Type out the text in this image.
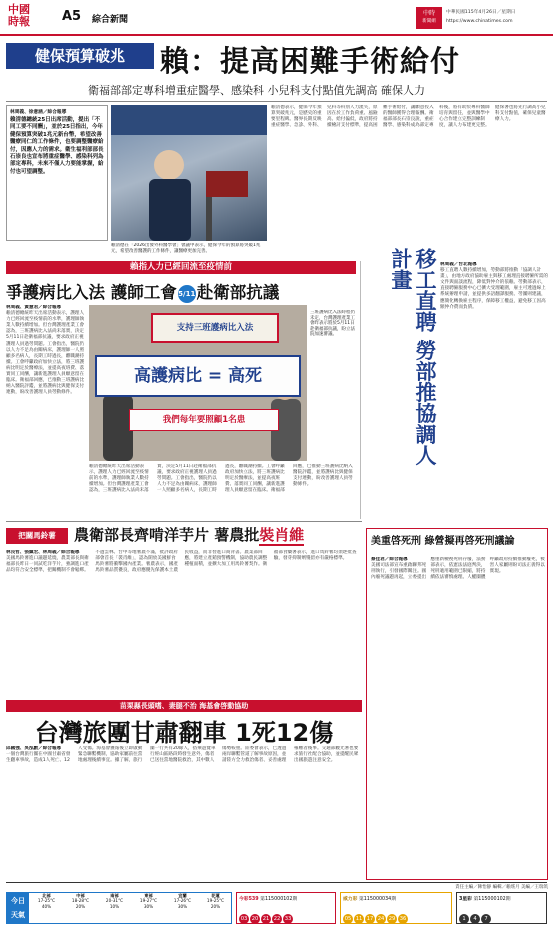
中國
時報	A5 綜合新聞
中時
新聞網
中華民國115年4月26日／星期日
https://www.chinatimes.com
健保預算破兆	賴：提高困難手術給付
衛福部部定專科增重症醫學、感染科 小兒科支付點值先調高 確保人力
林周義、徐意涵／綜合報導
賴清德總統25日出席活動，提出「不同工要不同酬」，並於25日指出，今年健保預算突破1兆元新台幣，希望改善醫療同仁的工作條件，也要調整醫療給付，因應人力的需求。衛生福利部部長石崇良也宣布將重症醫學、感染科列為部定專科，未來不僅人力要能掌握，給付也可望調整。
賴清德在「2026出發外科醫學會」會議中表示，健保今年的預算將突破1兆元，希望改善醫護的工作條件，讓醫療更加完善。
賴清德表示，健保今年預算突破兆元，是歷史的重要里程碑。醫界長期反映重症醫學、急診、外科、兒科等科別人力流失，原因在於工作負荷重、風險高、給付偏低，政府將持續檢討支付標準，提高困難手術給付，讓願意投入的醫師獲得合理報酬。衛福部部長石崇良說，重症醫學、感染科成為部定專科後，將有助於專科醫師培育與留任，並與醫學中心合作建立完整訓練制度，讓人力布建更完整。健保署也將先行調高小兒科支付點值，確保兒童醫療人力。
賴指人力已經回流至疫情前
爭護病比入法 護師工會5/11赴衛部抗議
林周義、黃慧君／綜合報導
賴清德總統昨天出席活動表示，護理人力已經回流至疫情前的水準，護理師執業人數持續增加。但台灣護理產業工會認為，三班護病比入法尚未落實，決定5月11日赴衛福部抗議，要求政府正視護理人員過勞問題。工會指出，醫院仍以人力不足為由關病床，護理師一人照顧多名病人，長期工時過長，離職潮持續。工會呼籲政府加快立法，將三班護病比明定於醫療法，並提高夜班費、落實同工同酬，讓新進護理人員願意留在臨床。衛福部回應，已推動三班護病比納入醫院評鑑，並將護病比與健保支付連動，盼改善護理人員勞動條件。
支持三班護病比入法
高護病比 = 高死
我們每年要照顧1名患
三班護病比入法時程仍未定，台灣護理產業工會昨表示將於5月11日赴衛福部抗議，盼立法院加速審議。
賴清德總統昨天出席活動表示，護理人力已經回流至疫情前的水準，護理師執業人數持續增加。但台灣護理產業工會認為，三班護病比入法尚未落實，決定5月11日赴衛福部抗議，要求政府正視護理人員過勞問題。工會指出，醫院仍以人力不足為由關病床，護理師一人照顧多名病人，長期工時過長，離職潮持續。工會呼籲政府加快立法，將三班護病比明定於醫療法，並提高夜班費、落實同工同酬，讓新進護理人員願意留在臨床。衛福部回應，已推動三班護病比納入醫院評鑑，並將護病比與健保支付連動，盼改善護理人員勞動條件。
移工直聘 勞部推協調人計畫	林周義／台北報導
移工直聘人數持續增加，勞動部將推動「協調人計畫」，由地方政府協助雇主與移工處理直接聘僱所需的文件與面談流程，降低對仲介的依賴。勞動部表示，直接聘僱服務中心已擴大受理範圍，雇主可透過線上系統辦理申請，並提供多語翻譯服務。勞團則建議，應簡化轉換雇主程序，保障移工權益，避免移工因高額仲介費而負債。
把關馬鈴薯	農衛部長齊啃洋芋片 薯農批裝肖維
林良哲、張鎮宏、林周義／綜合報導
美國馬鈴薯進口議題延燒，農業部長與衛福部長昨日一同試吃洋芋片，強調進口產品均符合安全標準，把關機制不會鬆綁。不過雲林、台中等地薯農不滿，批評政府部會首長「裝肖維」，認為開放美國鮮食馬鈴薯將衝擊國內產業。薯農表示，國產馬鈴薯品質優良，政府應優先保護本土農民收益，而非替進口商背書。農業部回應，將建立產銷預警機制，協助農民調整種植面積，並擴大加工用馬鈴薯契作。衛福部食藥署表示，進口馬鈴薯均須逐批查驗，發芽抑制劑殘留亦有嚴格標準。
美重啓死刑 綠營擬再啓死刑議論
蔡佳君／綜合報導
美國司法部宣布重啟聯邦死刑執行，引發國際關注。國內廢死議題再起，立委提出應重新檢視死刑存廢，法務部表示，依憲法法庭判決，死刑適用範圍已限縮，將持續依法審慎處理。人權團體呼籲政府持續推動廢死，被害人家屬則盼司法正義得以實現。
苗栗縣長頭嗜、妻腿不治 海基會啓動協助
台灣旅團甘肅翻車 1死12傷
邱國強、吳泓勳／綜合報導
一個台灣旅行團在中國甘肅省發生翻車事故，造成1人死亡、12人受傷。海基會獲報後立即啟動緊急聯繫機制，協助家屬前往當地處理後續事宜。據了解，旅行團一行共有20餘人，搭乘遊覽車行經山區路段時發生意外，傷者已送往當地醫院救治，其中數人傷勢較重。陸委會表示，已透過兩岸聯繫管道了解事故原因，並請陸方全力救治傷者、妥善處理罹難者後事。交通部觀光署也要求旅行社配合協助，並提醒民眾出國旅遊注意安全。
責任主編／陳怡靜 編輯／賴瑤月 美編／王瑞筑
今日
天氣
北部
17-25°C
40%
中部
18-28°C
20%
南部
20-31°C
10%
東部
19-27°C
30%
宜蘭
17-26°C
30%
花蓮
19-25°C
20%
今彩539 第115000102期
03 20 21 22 33
威力彩 第115000034期
05 11 17 24 29 36
3星彩 第115000102期
1 4 7
